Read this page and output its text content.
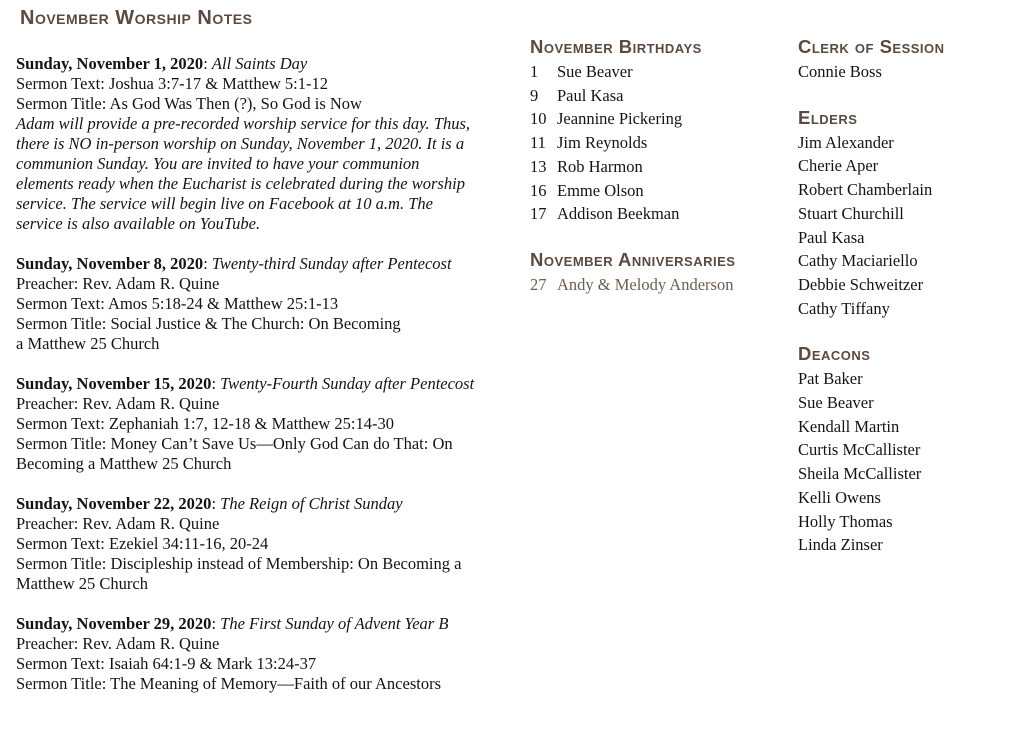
November Worship Notes
Sunday, November 1, 2020: All Saints Day
Sermon Text: Joshua 3:7-17 & Matthew 5:1-12
Sermon Title: As God Was Then (?), So God is Now
Adam will provide a pre-recorded worship service for this day. Thus,
there is NO in-person worship on Sunday, November 1, 2020. It is a
communion Sunday. You are invited to have your communion
elements ready when the Eucharist is celebrated during the worship
service. The service will begin live on Facebook at 10 a.m. The
service is also available on YouTube.
Sunday, November 8, 2020: Twenty-third Sunday after Pentecost
Preacher: Rev. Adam R. Quine
Sermon Text: Amos 5:18-24 & Matthew 25:1-13
Sermon Title: Social Justice & The Church: On Becoming
a Matthew 25 Church
Sunday, November 15, 2020: Twenty-Fourth Sunday after Pentecost
Preacher: Rev. Adam R. Quine
Sermon Text: Zephaniah 1:7, 12-18 & Matthew 25:14-30
Sermon Title: Money Can’t Save Us—Only God Can do That: On
Becoming a Matthew 25 Church
Sunday, November 22, 2020: The Reign of Christ Sunday
Preacher: Rev. Adam R. Quine
Sermon Text: Ezekiel 34:11-16, 20-24
Sermon Title: Discipleship instead of Membership: On Becoming a
Matthew 25 Church
Sunday, November 29, 2020: The First Sunday of Advent Year B
Preacher: Rev. Adam R. Quine
Sermon Text: Isaiah 64:1-9 & Mark 13:24-37
Sermon Title: The Meaning of Memory—Faith of our Ancestors
November Birthdays
1 Sue Beaver
9 Paul Kasa
10 Jeannine Pickering
11 Jim Reynolds
13 Rob Harmon
16 Emme Olson
17 Addison Beekman
November Anniversaries
27 Andy & Melody Anderson
Clerk of Session
Connie Boss
Elders
Jim Alexander
Cherie Aper
Robert Chamberlain
Stuart Churchill
Paul Kasa
Cathy Maciariello
Debbie Schweitzer
Cathy Tiffany
Deacons
Pat Baker
Sue Beaver
Kendall Martin
Curtis McCallister
Sheila McCallister
Kelli Owens
Holly Thomas
Linda Zinser
